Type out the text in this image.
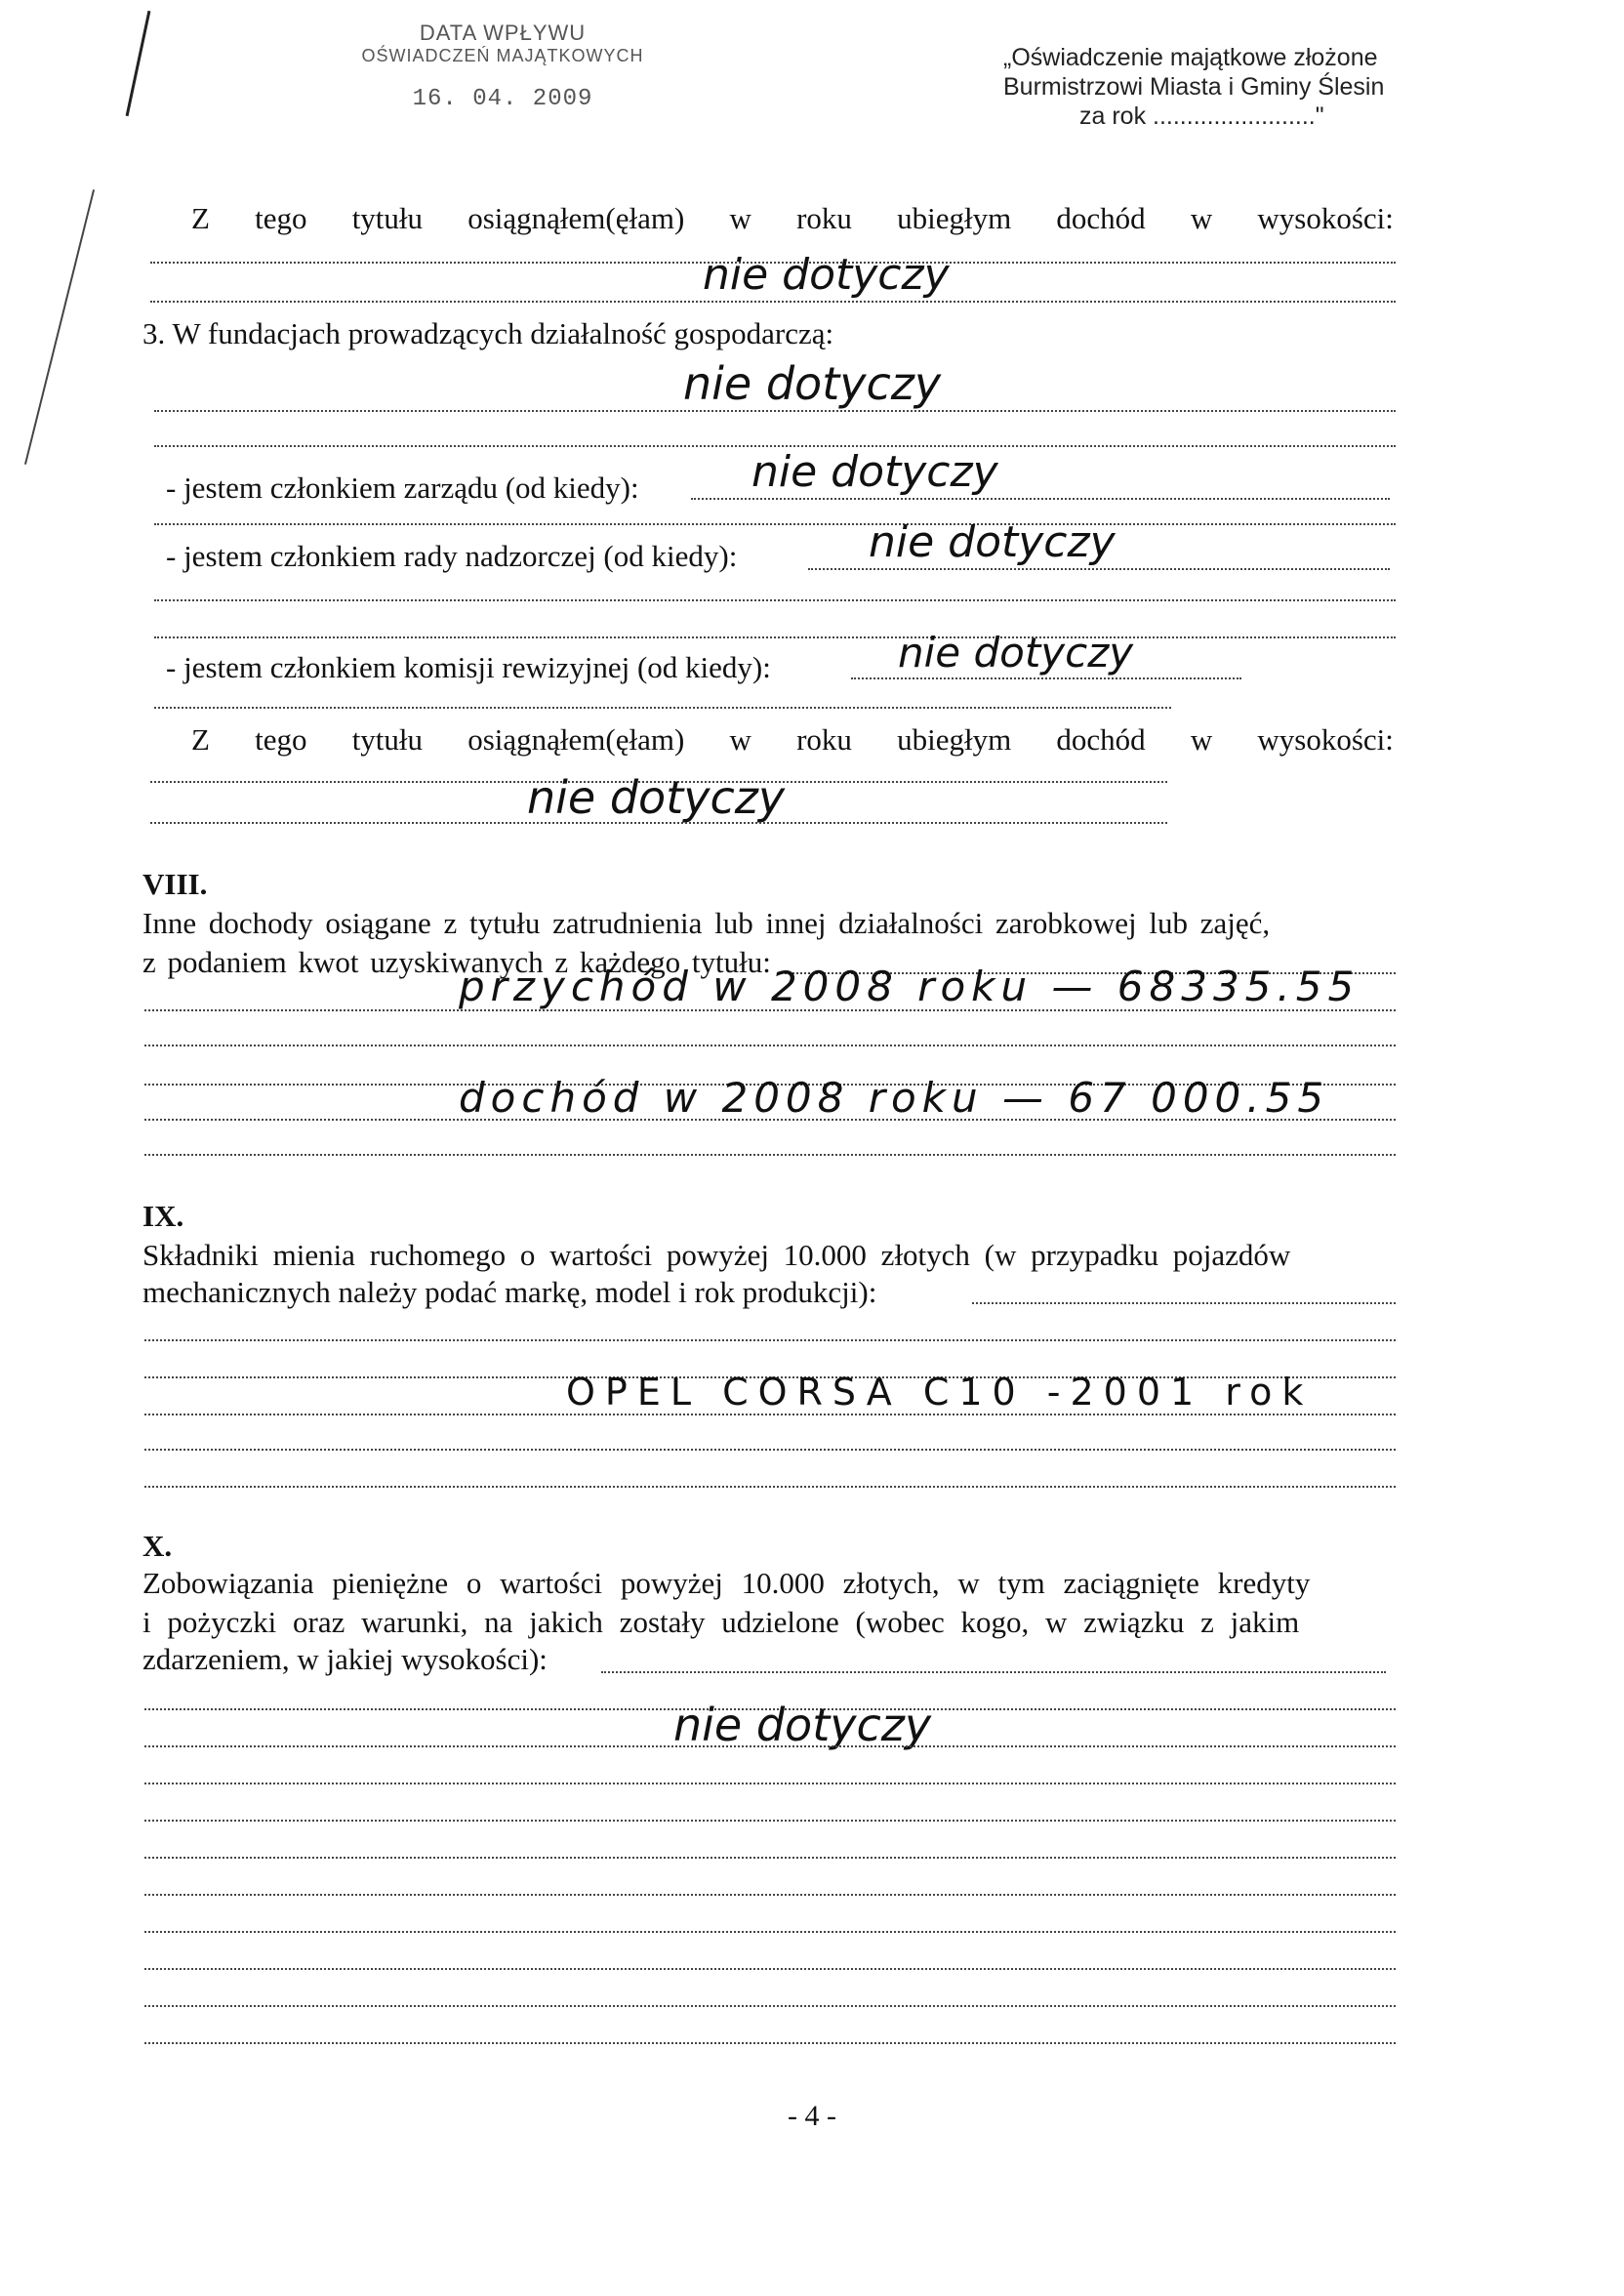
DATA WPŁYWU
OŚWIADCZEŃ MAJĄTKOWYCH
16. 04. 2009
„Oświadczenie majątkowe złożone
Burmistrzowi Miasta i Gminy Ślesin
za rok ........................"
Z tego tytułu osiągnąłem(ęłam) w roku ubiegłym dochód w wysokości:
nie dotyczy
3. W fundacjach prowadzących działalność gospodarczą:
nie dotyczy
- jestem członkiem zarządu (od kiedy):	nie dotyczy
- jestem członkiem rady nadzorczej (od kiedy):	nie dotyczy
- jestem członkiem komisji rewizyjnej (od kiedy):	nie dotyczy
Z tego tytułu osiągnąłem(ęłam) w roku ubiegłym dochód w wysokości:
nie dotyczy
VIII.
Inne dochody osiągane z tytułu zatrudnienia lub innej działalności zarobkowej lub zajęć,
z podaniem kwot uzyskiwanych z każdego tytułu:
przychód w 2008 roku — 68335.55
dochód w 2008 roku — 67 000.55
IX.
Składniki mienia ruchomego o wartości powyżej 10.000 złotych (w przypadku pojazdów
mechanicznych należy podać markę, model i rok produkcji):
OPEL CORSA C10 -2001 rok
X.
Zobowiązania pieniężne o wartości powyżej 10.000 złotych, w tym zaciągnięte kredyty
i pożyczki oraz warunki, na jakich zostały udzielone (wobec kogo, w związku z jakim
zdarzeniem, w jakiej wysokości):
nie dotyczy
- 4 -
